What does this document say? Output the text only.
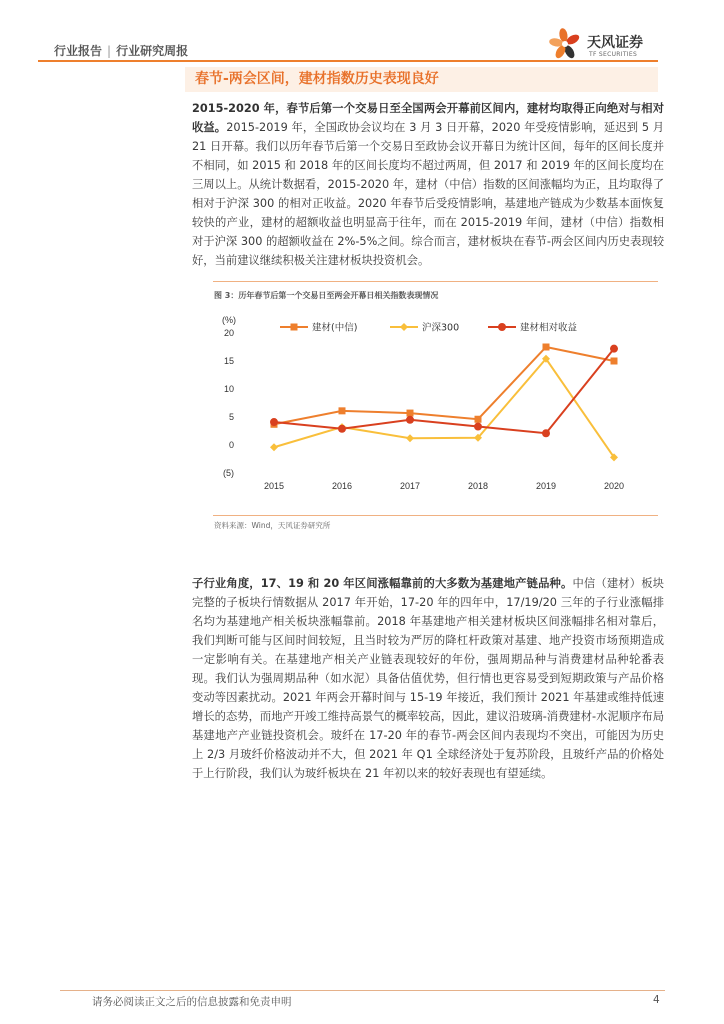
行业报告 | 行业研究周报	天风证券
TF SECURITIES
春节-两会区间，建材指数历史表现良好
2015-2020 年，春节后第一个交易日至全国两会开幕前区间内，建材均取得正向绝对与相对收益。2015-2019 年，全国政协会议均在 3 月 3 日开幕，2020 年受疫情影响，延迟到 5 月 21 日开幕。我们以历年春节后第一个交易日至政协会议开幕日为统计区间，每年的区间长度并不相同，如 2015 和 2018 年的区间长度均不超过两周，但 2017 和 2019 年的区间长度均在三周以上。从统计数据看，2015-2020 年，建材（中信）指数的区间涨幅均为正，且均取得了相对于沪深 300 的相对正收益。2020 年春节后受疫情影响，基建地产链成为少数基本面恢复较快的产业，建材的超额收益也明显高于往年，而在 2015-2019 年间，建材（中信）指数相对于沪深 300 的超额收益在 2%-5%之间。综合而言，建材板块在春节-两会区间内历史表现较好，当前建议继续积极关注建材板块投资机会。
图 3：历年春节后第一个交易日至两会开幕日相关指数表现情况
(%)
(5)
0
5
10
15
20
2015	2016	2017	2018	2019	2020
建材(中信)	沪深300	建材相对收益
资料来源：Wind，天风证券研究所
子行业角度，17、19 和 20 年区间涨幅靠前的大多数为基建地产链品种。中信（建材）板块完整的子板块行情数据从 2017 年开始，17-20 年的四年中，17/19/20 三年的子行业涨幅排名均为基建地产相关板块涨幅靠前。2018 年基建地产相关建材板块区间涨幅排名相对靠后，我们判断可能与区间时间较短，且当时较为严厉的降杠杆政策对基建、地产投资市场预期造成一定影响有关。在基建地产相关产业链表现较好的年份，强周期品种与消费建材品种轮番表现。我们认为强周期品种（如水泥）具备估值优势，但行情也更容易受到短期政策与产品价格变动等因素扰动。2021 年两会开幕时间与 15-19 年接近，我们预计 2021 年基建或维持低速增长的态势，而地产开竣工维持高景气的概率较高，因此，建议沿玻璃-消费建材-水泥顺序布局基建地产产业链投资机会。玻纤在 17-20 年的春节-两会区间内表现均不突出，可能因为历史上 2/3 月玻纤价格波动并不大，但 2021 年 Q1 全球经济处于复苏阶段，且玻纤产品的价格处于上行阶段，我们认为玻纤板块在 21 年初以来的较好表现也有望延续。
请务必阅读正文之后的信息披露和免责申明	4
